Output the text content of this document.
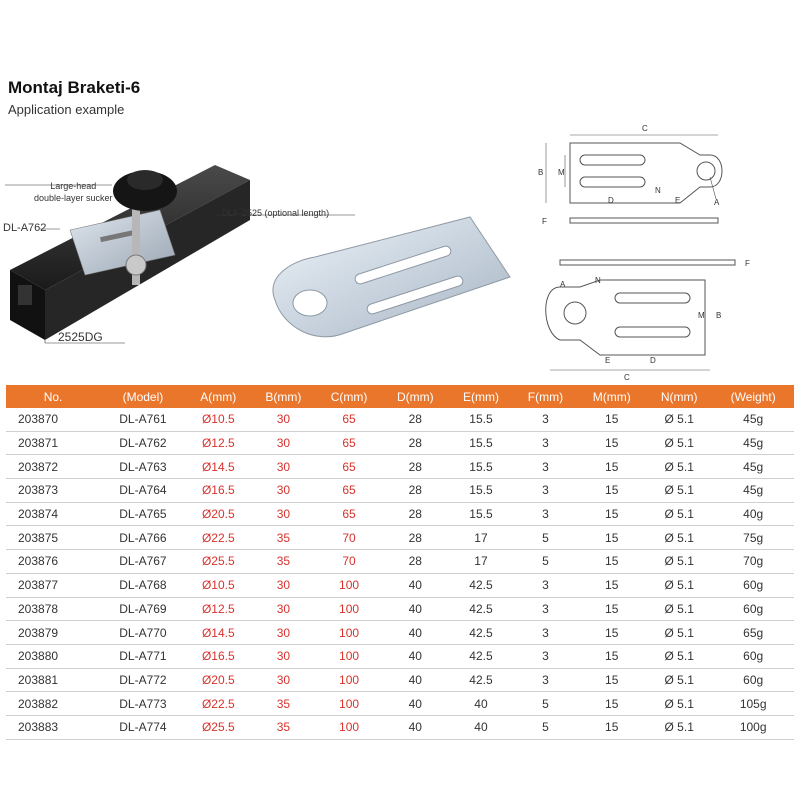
Montaj Braketi-6
Application example
Large-head
double-layer sucker
DL-A762
DLF-2525 (optional length)
2525DG
C
B M
D	E
N
A
F
F
A	N
M B
E	D
C
No.	(Model)	A(mm)	B(mm)	C(mm)	D(mm)	E(mm)	F(mm)	M(mm)	N(mm)	(Weight)
203870	DL-A761	Ø10.5	30	65	28	15.5	3	15	Ø 5.1	45g
203871	DL-A762	Ø12.5	30	65	28	15.5	3	15	Ø 5.1	45g
203872	DL-A763	Ø14.5	30	65	28	15.5	3	15	Ø 5.1	45g
203873	DL-A764	Ø16.5	30	65	28	15.5	3	15	Ø 5.1	45g
203874	DL-A765	Ø20.5	30	65	28	15.5	3	15	Ø 5.1	40g
203875	DL-A766	Ø22.5	35	70	28	17	5	15	Ø 5.1	75g
203876	DL-A767	Ø25.5	35	70	28	17	5	15	Ø 5.1	70g
203877	DL-A768	Ø10.5	30	100	40	42.5	3	15	Ø 5.1	60g
203878	DL-A769	Ø12.5	30	100	40	42.5	3	15	Ø 5.1	60g
203879	DL-A770	Ø14.5	30	100	40	42.5	3	15	Ø 5.1	65g
203880	DL-A771	Ø16.5	30	100	40	42.5	3	15	Ø 5.1	60g
203881	DL-A772	Ø20.5	30	100	40	42.5	3	15	Ø 5.1	60g
203882	DL-A773	Ø22.5	35	100	40	40	5	15	Ø 5.1	105g
203883	DL-A774	Ø25.5	35	100	40	40	5	15	Ø 5.1	100g
